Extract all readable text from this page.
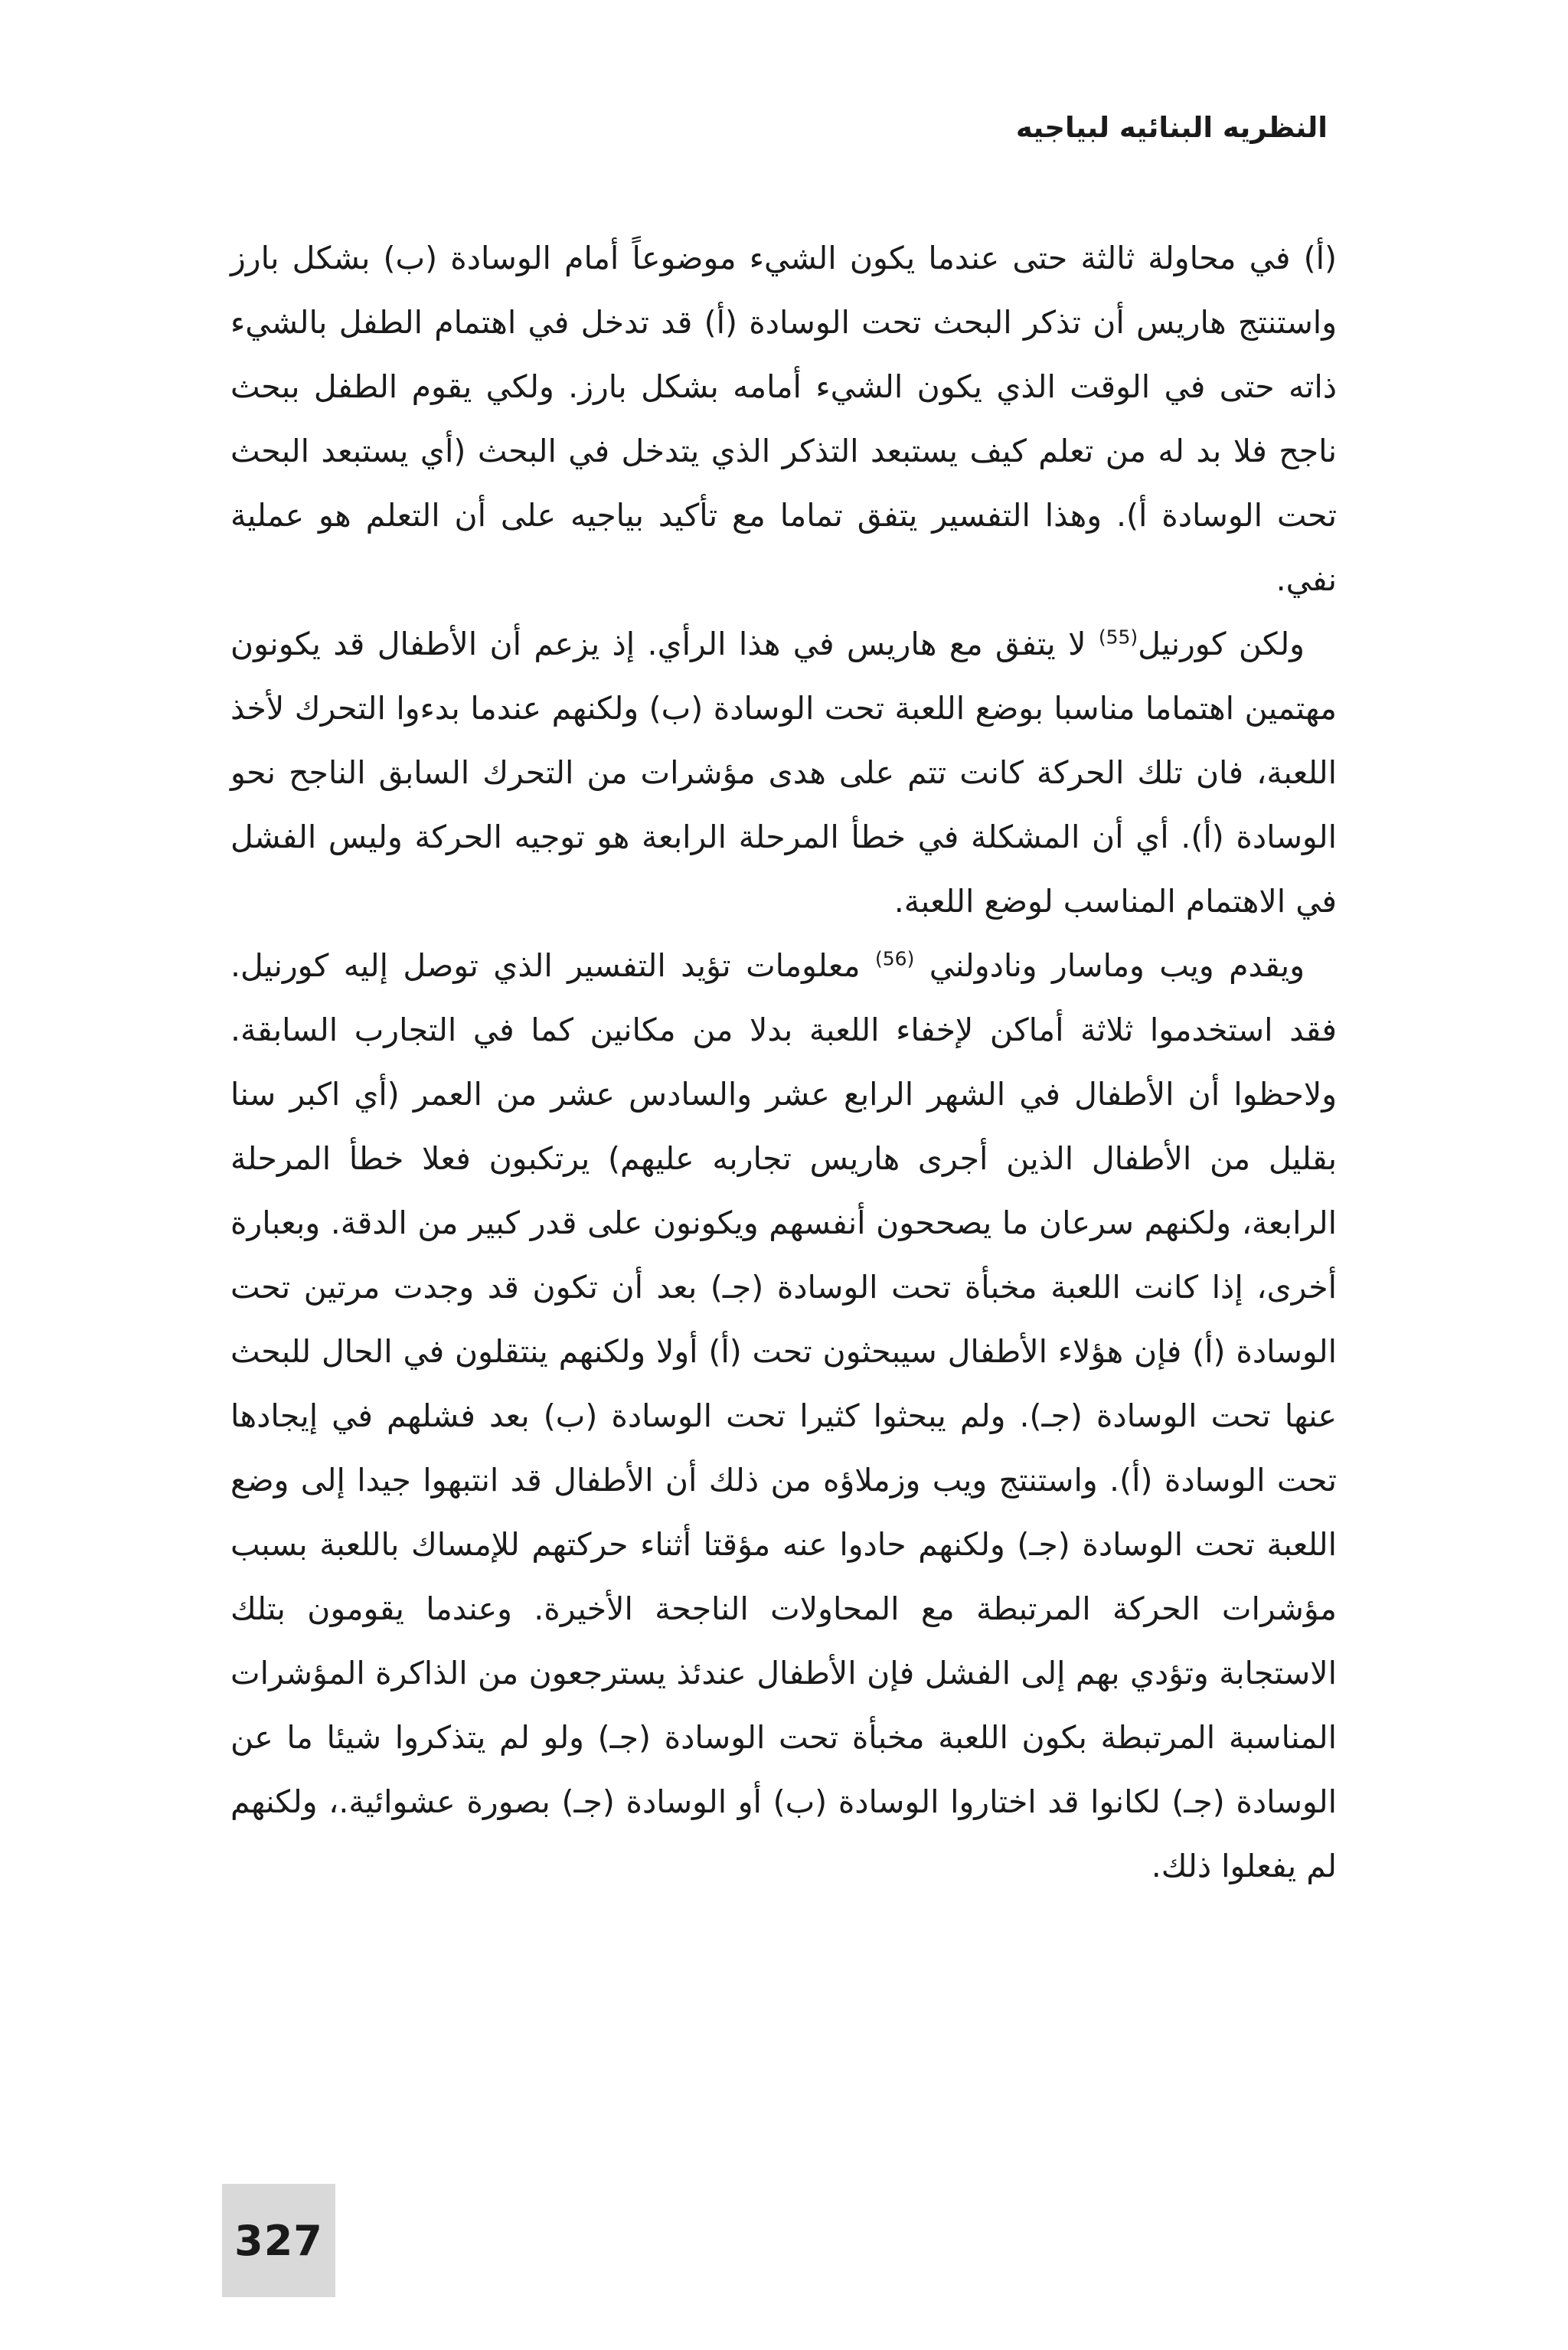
النظريه البنائيه لبياجيه

(أ) في محاولة ثالثة حتى عندما يكون الشيء موضوعاً أمام الوسادة (ب) بشكل بارز واستنتج هاريس أن تذكر البحث تحت الوسادة (أ) قد تدخل في اهتمام الطفل بالشيء ذاته حتى في الوقت الذي يكون الشيء أمامه بشكل بارز. ولكي يقوم الطفل ببحث ناجح فلا بد له من تعلم كيف يستبعد التذكر الذي يتدخل في البحث (أي يستبعد البحث تحت الوسادة أ). وهذا التفسير يتفق تماما مع تأكيد بياجيه على أن التعلم هو عملية نفي.

ولكن كورنيل$^{(55)}$ لا يتفق مع هاريس في هذا الرأي. إذ يزعم أن الأطفال قد يكونون مهتمين اهتماما مناسبا بوضع اللعبة تحت الوسادة (ب) ولكنهم عندما بدءوا التحرك لأخذ اللعبة، فان تلك الحركة كانت تتم على هدى مؤشرات من التحرك السابق الناجح نحو الوسادة (أ). أي أن المشكلة في خطأ المرحلة الرابعة هو توجيه الحركة وليس الفشل في الاهتمام المناسب لوضع اللعبة.

ويقدم ويب وماسار ونادولني $^{(56)}$ معلومات تؤيد التفسير الذي توصل إليه كورنيل. فقد استخدموا ثلاثة أماكن لإخفاء اللعبة بدلا من مكانين كما في التجارب السابقة. ولاحظوا أن الأطفال في الشهر الرابع عشر والسادس عشر من العمر (أي اكبر سنا بقليل من الأطفال الذين أجرى هاريس تجاربه عليهم) يرتكبون فعلا خطأ المرحلة الرابعة، ولكنهم سرعان ما يصححون أنفسهم ويكونون على قدر كبير من الدقة. وبعبارة أخرى، إذا كانت اللعبة مخبأة تحت الوسادة (جـ) بعد أن تكون قد وجدت مرتين تحت الوسادة (أ) فإن هؤلاء الأطفال سيبحثون تحت (أ) أولا ولكنهم ينتقلون في الحال للبحث عنها تحت الوسادة (جـ). ولم يبحثوا كثيرا تحت الوسادة (ب) بعد فشلهم في إيجادها تحت الوسادة (أ). واستنتج ويب وزملاؤه من ذلك أن الأطفال قد انتبهوا جيدا إلى وضع اللعبة تحت الوسادة (جـ) ولكنهم حادوا عنه مؤقتا أثناء حركتهم للإمساك باللعبة بسبب مؤشرات الحركة المرتبطة مع المحاولات الناجحة الأخيرة. وعندما يقومون بتلك الاستجابة وتؤدي بهم إلى الفشل فإن الأطفال عندئذ يسترجعون من الذاكرة المؤشرات المناسبة المرتبطة بكون اللعبة مخبأة تحت الوسادة (جـ) ولو لم يتذكروا شيئا ما عن الوسادة (جـ) لكانوا قد اختاروا الوسادة (ب) أو الوسادة (جـ) بصورة عشوائية.، ولكنهم لم يفعلوا ذلك.

327
